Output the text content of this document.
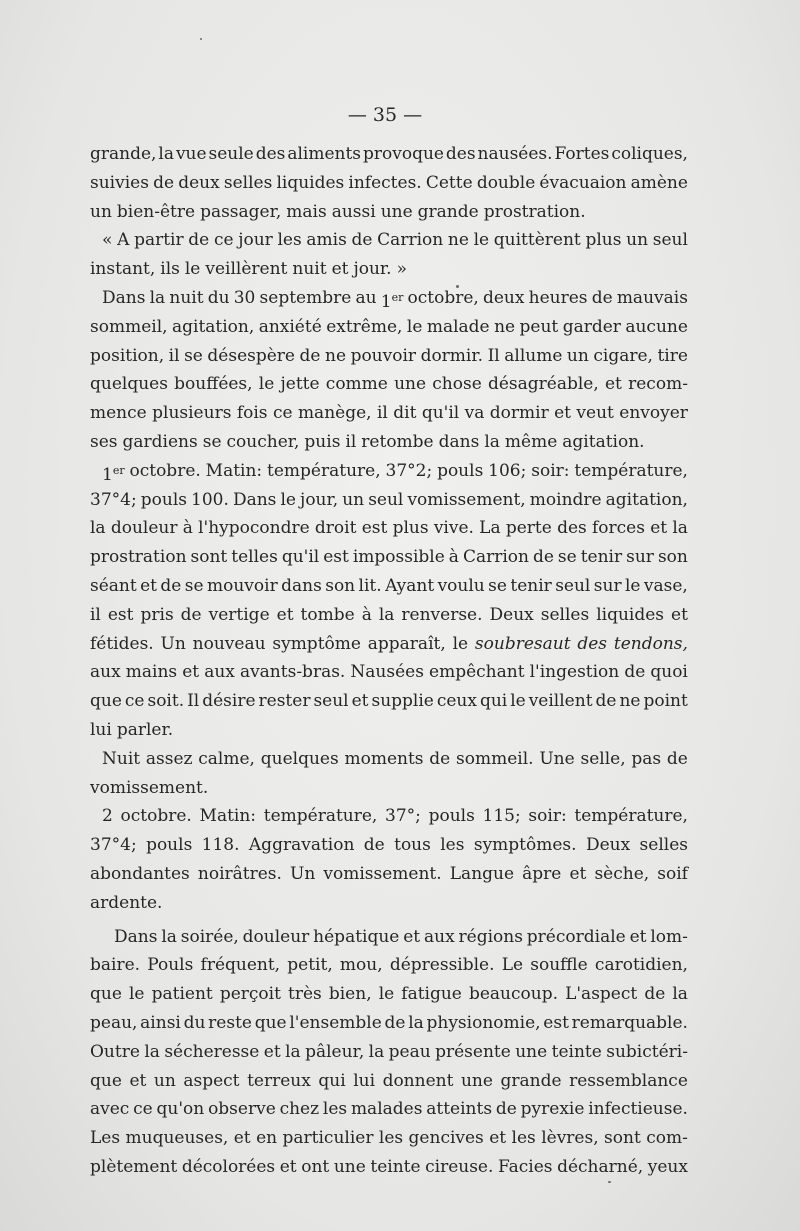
— 35 —
grande, la vue seule des aliments provoque des nausées. Fortes coliques,
suivies de deux selles liquides infectes. Cette double évacuaion amène
un bien-être passager, mais aussi une grande prostration.
« A partir de ce jour les amis de Carrion ne le quittèrent plus un seul
instant, ils le veillèrent nuit et jour. »
Dans la nuit du 30 septembre au 1er octobre, deux heures de mauvais
sommeil, agitation, anxiété extrême, le malade ne peut garder aucune
position, il se désespère de ne pouvoir dormir. Il allume un cigare, tire
quelques bouffées, le jette comme une chose désagréable, et recom-
mence plusieurs fois ce manège, il dit qu'il va dormir et veut envoyer
ses gardiens se coucher, puis il retombe dans la même agitation.
1er octobre. Matin: température, 37°2; pouls 106; soir: température,
37°4; pouls 100. Dans le jour, un seul vomissement, moindre agitation,
la douleur à l'hypocondre droit est plus vive. La perte des forces et la
prostration sont telles qu'il est impossible à Carrion de se tenir sur son
séant et de se mouvoir dans son lit. Ayant voulu se tenir seul sur le vase,
il est pris de vertige et tombe à la renverse. Deux selles liquides et
fétides. Un nouveau symptôme apparaît, le soubresaut des tendons,
aux mains et aux avants-bras. Nausées empêchant l'ingestion de quoi
que ce soit. Il désire rester seul et supplie ceux qui le veillent de ne point
lui parler.
Nuit assez calme, quelques moments de sommeil. Une selle, pas de
vomissement.
2 octobre. Matin: température, 37°; pouls 115; soir: température,
37°4; pouls 118. Aggravation de tous les symptômes. Deux selles
abondantes noirâtres. Un vomissement. Langue âpre et sèche, soif
ardente.
Dans la soirée, douleur hépatique et aux régions précordiale et lom-
baire. Pouls fréquent, petit, mou, dépressible. Le souffle carotidien,
que le patient perçoit très bien, le fatigue beaucoup. L'aspect de la
peau, ainsi du reste que l'ensemble de la physionomie, est remarquable.
Outre la sécheresse et la pâleur, la peau présente une teinte subictéri-
que et un aspect terreux qui lui donnent une grande ressemblance
avec ce qu'on observe chez les malades atteints de pyrexie infectieuse.
Les muqueuses, et en particulier les gencives et les lèvres, sont com-
plètement décolorées et ont une teinte cireuse. Facies décharné, yeux
